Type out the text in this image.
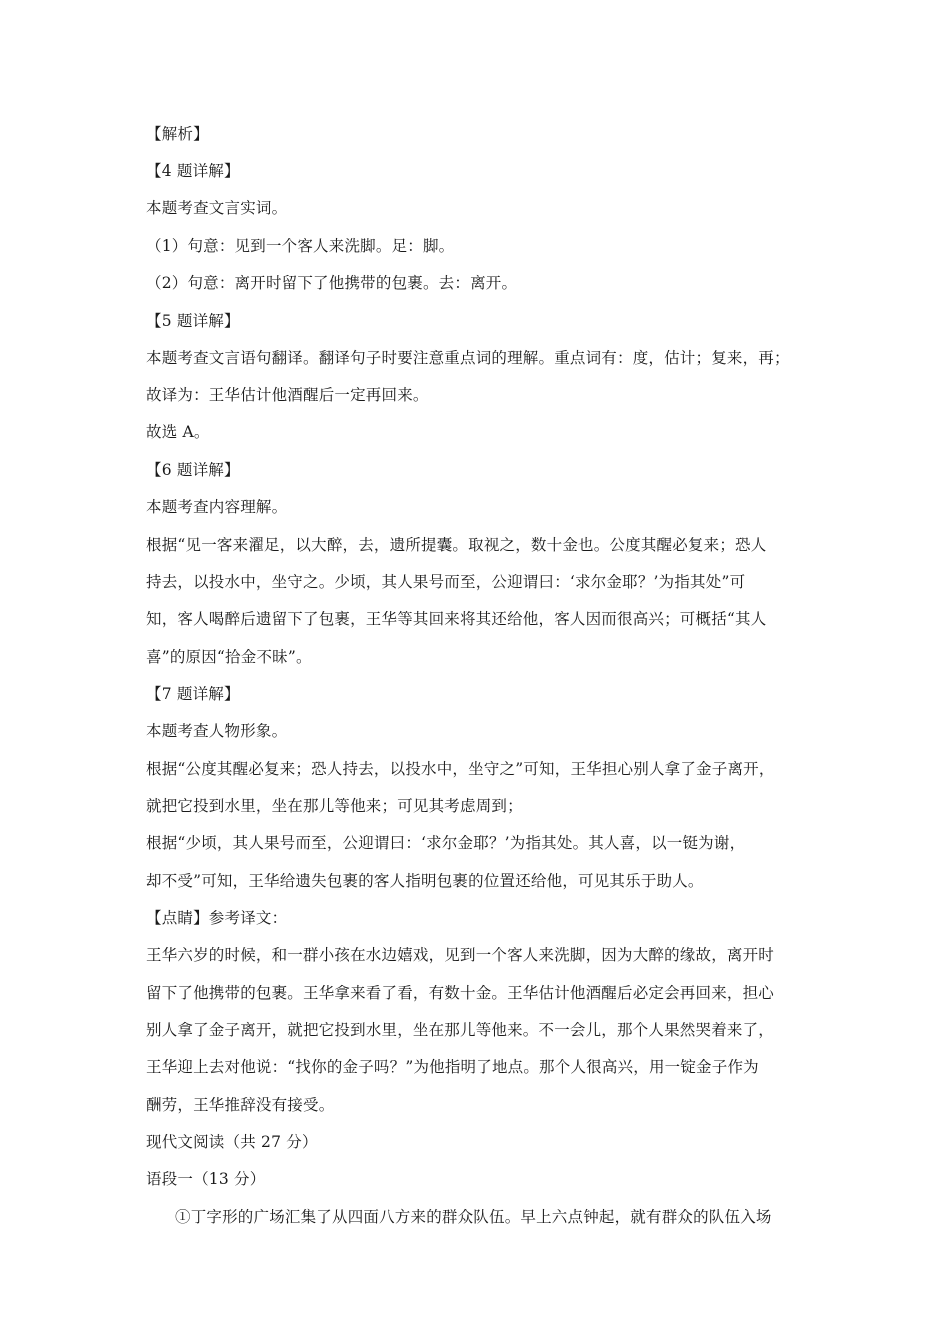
【解析】
【4 题详解】
本题考查文言实词。
（1）句意：见到一个客人来洗脚。足：脚。
（2）句意：离开时留下了他携带的包裹。去：离开。
【5 题详解】
本题考查文言语句翻译。翻译句子时要注意重点词的理解。重点词有：度，估计；复来，再；
故译为：王华估计他酒醒后一定再回来。
故选 A。
【6 题详解】
本题考查内容理解。
根据“见一客来濯足，以大醉，去，遗所提囊。取视之，数十金也。公度其醒必复来；恐人
持去，以投水中，坐守之。少顷，其人果号而至，公迎谓曰：‘求尔金耶？’为指其处”可
知，客人喝醉后遗留下了包裹，王华等其回来将其还给他，客人因而很高兴；可概括“其人
喜”的原因“拾金不昧”。
【7 题详解】
本题考查人物形象。
根据“公度其醒必复来；恐人持去，以投水中，坐守之”可知，王华担心别人拿了金子离开，
就把它投到水里，坐在那儿等他来；可见其考虑周到；
根据“少顷，其人果号而至，公迎谓曰：‘求尔金耶？’为指其处。其人喜，以一铤为谢，
却不受”可知，王华给遗失包裹的客人指明包裹的位置还给他，可见其乐于助人。
【点睛】参考译文：
王华六岁的时候，和一群小孩在水边嬉戏，见到一个客人来洗脚，因为大醉的缘故，离开时
留下了他携带的包裹。王华拿来看了看，有数十金。王华估计他酒醒后必定会再回来，担心
别人拿了金子离开，就把它投到水里，坐在那儿等他来。不一会儿，那个人果然哭着来了，
王华迎上去对他说：“找你的金子吗？”为他指明了地点。那个人很高兴，用一锭金子作为
酬劳，王华推辞没有接受。
现代文阅读（共 27 分）
语段一（13 分）
①丁字形的广场汇集了从四面八方来的群众队伍。早上六点钟起，就有群众的队伍入场
